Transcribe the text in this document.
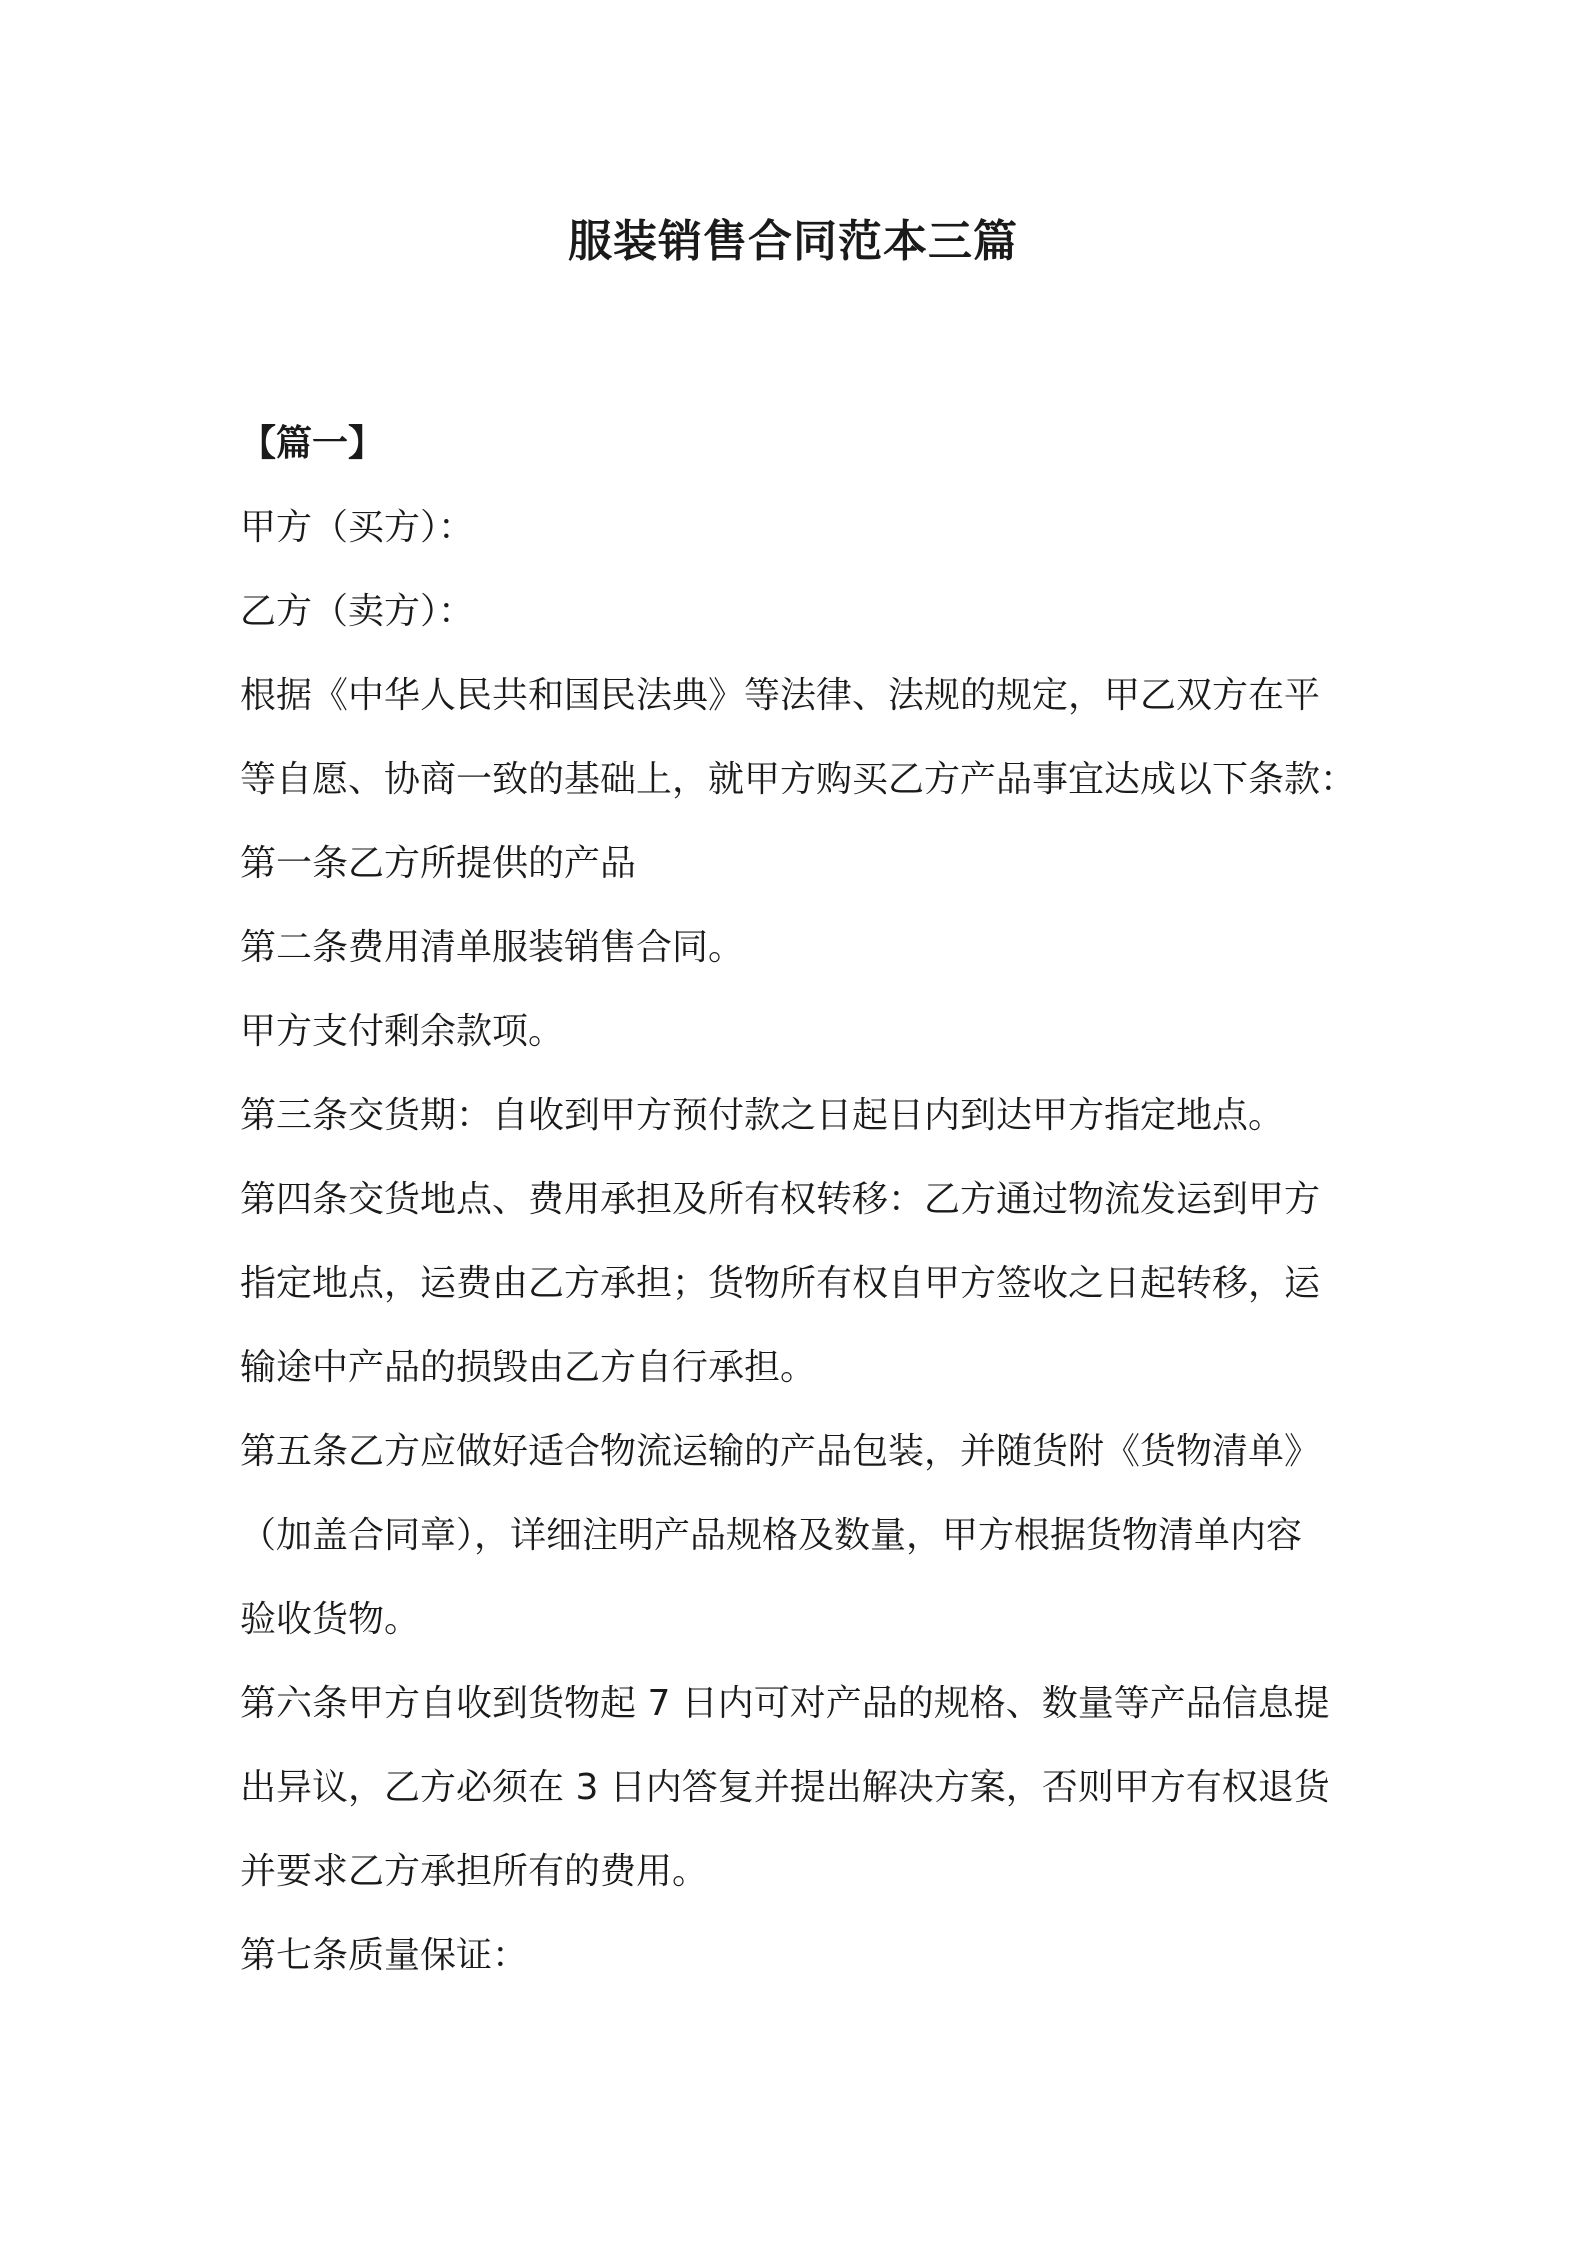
服装销售合同范本三篇

【篇一】

甲方（买方）：

乙方（卖方）：

根据《中华人民共和国民法典》等法律、法规的规定，甲乙双方在平

等自愿、协商一致的基础上，就甲方购买乙方产品事宜达成以下条款：

第一条乙方所提供的产品

第二条费用清单服装销售合同。

甲方支付剩余款项。

第三条交货期：自收到甲方预付款之日起日内到达甲方指定地点。

第四条交货地点、费用承担及所有权转移：乙方通过物流发运到甲方

指定地点，运费由乙方承担；货物所有权自甲方签收之日起转移，运

输途中产品的损毁由乙方自行承担。

第五条乙方应做好适合物流运输的产品包装，并随货附《货物清单》

（加盖合同章），详细注明产品规格及数量，甲方根据货物清单内容

验收货物。

第六条甲方自收到货物起 7 日内可对产品的规格、数量等产品信息提

出异议，乙方必须在 3 日内答复并提出解决方案，否则甲方有权退货

并要求乙方承担所有的费用。

第七条质量保证：
